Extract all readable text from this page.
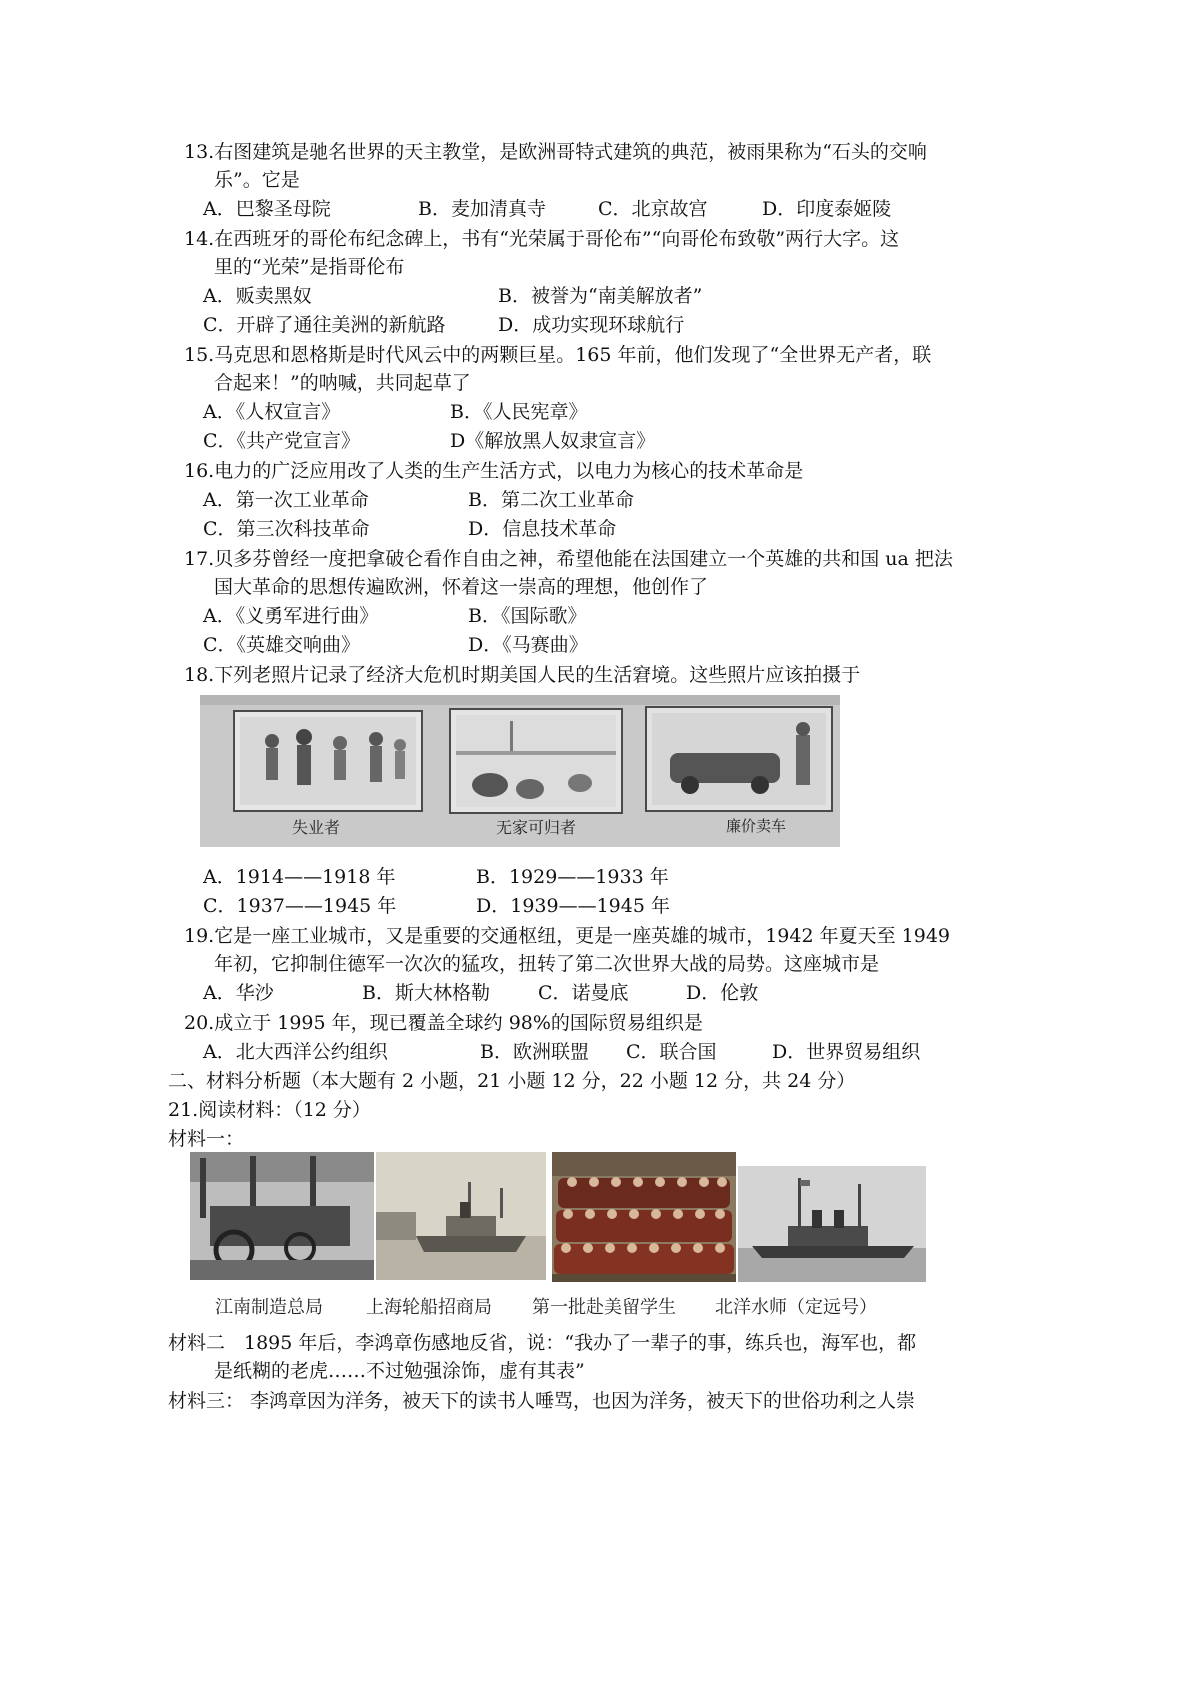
13.右图建筑是驰名世界的天主教堂，是欧洲哥特式建筑的典范，被雨果称为“石头的交响
乐”。它是
A．巴黎圣母院	B．麦加清真寺	C．北京故宫	D．印度泰姬陵
14.在西班牙的哥伦布纪念碑上，书有“光荣属于哥伦布”“向哥伦布致敬”两行大字。这
里的“光荣”是指哥伦布
A．贩卖黑奴	B．被誉为“南美解放者”
C．开辟了通往美洲的新航路	D．成功实现环球航行
15.马克思和恩格斯是时代风云中的两颗巨星。165 年前，他们发现了“全世界无产者，联
合起来！”的呐喊，共同起草了
A．《人权宣言》	B．《人民宪章》
C．《共产党宣言》	D《解放黑人奴隶宣言》
16.电力的广泛应用改了人类的生产生活方式，以电力为核心的技术革命是
A．第一次工业革命	B．第二次工业革命
C．第三次科技革命	D．信息技术革命
17.贝多芬曾经一度把拿破仑看作自由之神，希望他能在法国建立一个英雄的共和国 ua 把法
国大革命的思想传遍欧洲，怀着这一崇高的理想，他创作了
A．《义勇军进行曲》	B．《国际歌》
C．《英雄交响曲》	D．《马赛曲》
18.下列老照片记录了经济大危机时期美国人民的生活窘境。这些照片应该拍摄于
失业者	无家可归者	廉价卖车
A．1914——1918 年	B．1929——1933 年
C．1937——1945 年	D．1939——1945 年
19.它是一座工业城市，又是重要的交通枢纽，更是一座英雄的城市，1942 年夏天至 1949
年初，它抑制住德军一次次的猛攻，扭转了第二次世界大战的局势。这座城市是
A．华沙	B．斯大林格勒	C．诺曼底	D．伦敦
20.成立于 1995 年，现已覆盖全球约 98%的国际贸易组织是
A．北大西洋公约组织	B．欧洲联盟 C．联合国	D．世界贸易组织
二、材料分析题（本大题有 2 小题，21 小题 12 分，22 小题 12 分，共 24 分）
21.阅读材料：（12 分）
材料一：
江南制造总局 上海轮船招商局 第一批赴美留学生 北洋水师（定远号）
材料二　1895 年后，李鸿章伤感地反省，说：“我办了一辈子的事，练兵也，海军也，都
是纸糊的老虎……不过勉强涂饰，虚有其表”
材料三： 李鸿章因为洋务，被天下的读书人唾骂，也因为洋务，被天下的世俗功利之人崇
